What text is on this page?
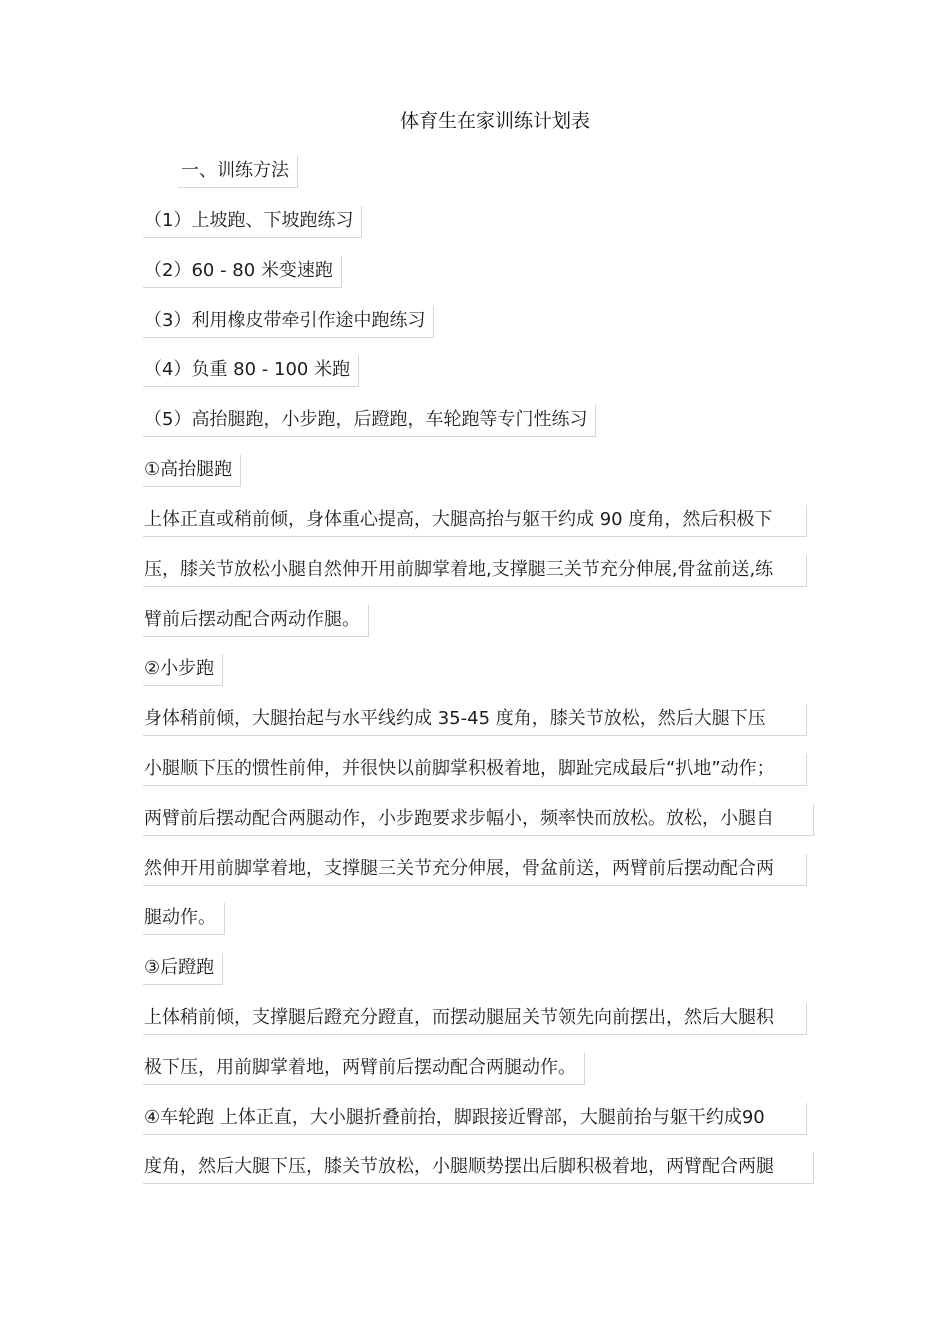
体育生在家训练计划表
一、训练方法
（1）上坡跑、下坡跑练习
（2）60 - 80 米变速跑
（3）利用橡皮带牵引作途中跑练习
（4）负重 80 - 100 米跑
（5）高抬腿跑，小步跑，后蹬跑，车轮跑等专门性练习
①高抬腿跑
上体正直或稍前倾，身体重心提高，大腿高抬与躯干约成 90 度角，然后积极下
压，膝关节放松小腿自然伸开用前脚掌着地,支撑腿三关节充分伸展,骨盆前送,练
臂前后摆动配合两动作腿。
②小步跑
身体稍前倾，大腿抬起与水平线约成 35-45 度角，膝关节放松，然后大腿下压
小腿顺下压的惯性前伸，并很快以前脚掌积极着地，脚趾完成最后“扒地”动作；
两臂前后摆动配合两腿动作，小步跑要求步幅小，频率快而放松。放松，小腿自
然伸开用前脚掌着地，支撑腿三关节充分伸展，骨盆前送，两臂前后摆动配合两
腿动作。
③后蹬跑
上体稍前倾，支撑腿后蹬充分蹬直，而摆动腿屈关节领先向前摆出，然后大腿积
极下压，用前脚掌着地，两臂前后摆动配合两腿动作。
④车轮跑 上体正直，大小腿折叠前抬，脚跟接近臀部，大腿前抬与躯干约成90
度角，然后大腿下压，膝关节放松，小腿顺势摆出后脚积极着地，两臂配合两腿
